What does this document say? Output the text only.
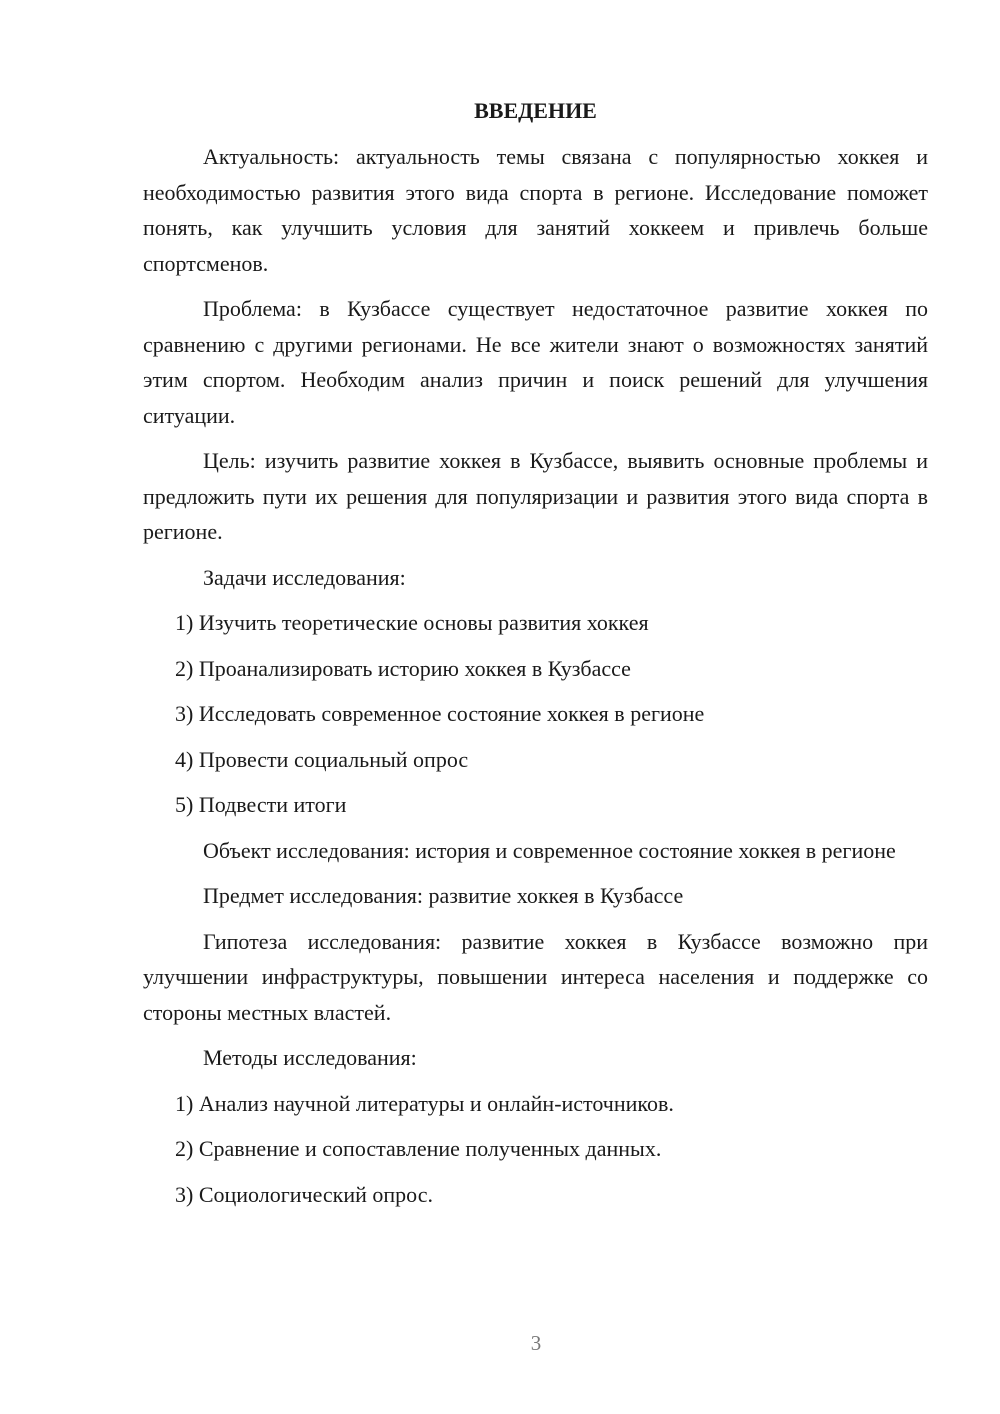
ВВЕДЕНИЕ

Актуальность: актуальность темы связана с популярностью хоккея и необходимостью развития этого вида спорта в регионе. Исследование поможет понять, как улучшить условия для занятий хоккеем и привлечь больше спортсменов.

Проблема: в Кузбассе существует недостаточное развитие хоккея по сравнению с другими регионами. Не все жители знают о возможностях занятий этим спортом. Необходим анализ причин и поиск решений для улучшения ситуации.

Цель: изучить развитие хоккея в Кузбассе, выявить основные проблемы и предложить пути их решения для популяризации и развития этого вида спорта в регионе.

Задачи исследования:

1) Изучить теоретические основы развития хоккея
2) Проанализировать историю хоккея в Кузбассе
3) Исследовать современное состояние хоккея в регионе
4) Провести социальный опрос
5) Подвести итоги

Объект исследования: история и современное состояние хоккея в регионе

Предмет исследования: развитие хоккея в Кузбассе

Гипотеза исследования: развитие хоккея в Кузбассе возможно при улучшении инфраструктуры, повышении интереса населения и поддержке со стороны местных властей.

Методы исследования:

1) Анализ научной литературы и онлайн-источников.
2) Сравнение и сопоставление полученных данных.
3) Социологический опрос.
3
